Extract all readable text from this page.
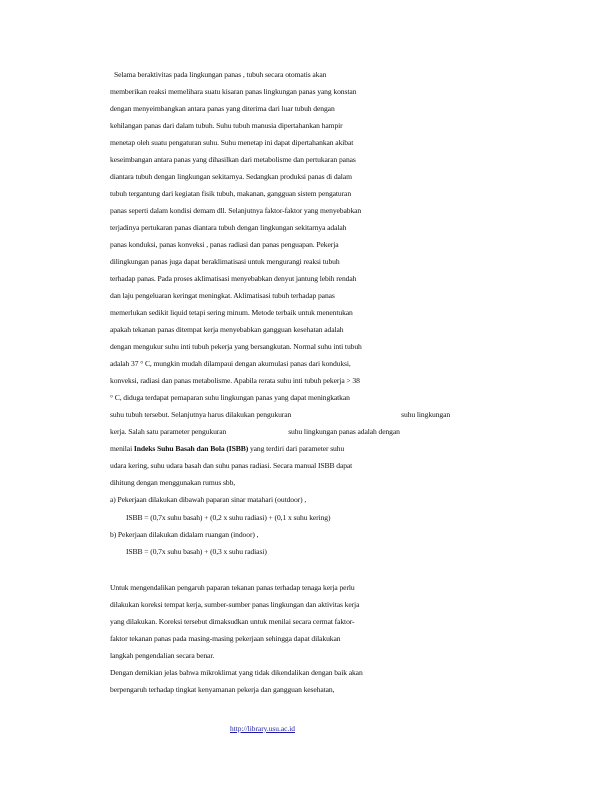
Selama beraktivitas pada lingkungan panas , tubuh secara otomatis akan
memberikan reaksi memelihara suatu kisaran panas lingkungan panas yang konstan
dengan menyeimbangkan antara panas yang diterima dari luar tubuh dengan
kehilangan panas dari dalam tubuh. Suhu tubuh manusia dipertahankan hampir
menetap oleh suatu pengaturan suhu. Suhu menetap ini dapat dipertahankan akibat
keseimbangan antara panas yang dihasilkan dari metabolisme dan pertukaran panas
diantara tubuh dengan lingkungan sekitarnya. Sedangkan produksi panas di dalam
tubuh tergantung dari kegiatan fisik tubuh, makanan, gangguan sistem pengaturan
panas seperti dalam kondisi demam dll. Selanjutnya faktor-faktor yang menyebabkan
terjadinya pertukaran panas diantara tubuh dengan lingkungan sekitarnya adalah
panas konduksi, panas konveksi , panas radiasi dan panas penguapan. Pekerja
dilingkungan panas juga dapat beraklimatisasi untuk mengurangi reaksi tubuh
terhadap panas. Pada proses aklimatisasi menyebabkan denyut jantung lebih rendah
dan laju pengeluaran keringat meningkat. Aklimatisasi tubuh terhadap panas
memerlukan sedikit liquid tetapi sering minum. Metode terbaik untuk menentukan
apakah tekanan panas ditempat kerja menyebabkan gangguan kesehatan adalah
dengan mengukur suhu inti tubuh pekerja yang bersangkutan. Normal suhu inti tubuh
adalah 37 ° C, mungkin mudah dilampaui dengan akumulasi panas dari konduksi,
konveksi, radiasi dan panas metabolisme. Apabila rerata suhu inti tubuh pekerja > 38
° C, diduga terdapat pemaparan suhu lingkungan panas yang dapat meningkatkan
suhu tubuh tersebut. Selanjutnya harus dilakukan pengukuran	suhu lingkungan
kerja. Salah satu parameter pengukuran	suhu lingkungan panas adalah dengan
menilai Indeks Suhu Basah dan Bola (ISBB) yang terdiri dari parameter suhu
udara kering, suhu udara basah dan suhu panas radiasi. Secara manual ISBB dapat
dihitung dengan menggunakan rumus sbb,
a) Pekerjaan dilakukan dibawah paparan sinar matahari (outdoor) ,
ISBB = (0,7x suhu basah) + (0,2 x suhu radiasi) + (0,1 x suhu kering)
b) Pekerjaan dilakukan didalam ruangan (indoor) ,
ISBB = (0,7x suhu basah) + (0,3 x suhu radiasi)
Untuk mengendalikan pengaruh paparan tekanan panas terhadap tenaga kerja perlu
dilakukan koreksi tempat kerja, sumber-sumber panas lingkungan dan aktivitas kerja
yang dilakukan. Koreksi tersebut dimaksudkan untuk menilai secara cermat faktor-
faktor tekanan panas pada masing-masing pekerjaan sehingga dapat dilakukan
langkah pengendalian secara benar.
Dengan demikian jelas bahwa mikroklimat yang tidak dikendalikan dengan baik akan
berpengaruh terhadap tingkat kenyamanan pekerja dan gangguan kesehatan,
http://library.usu.ac.id
